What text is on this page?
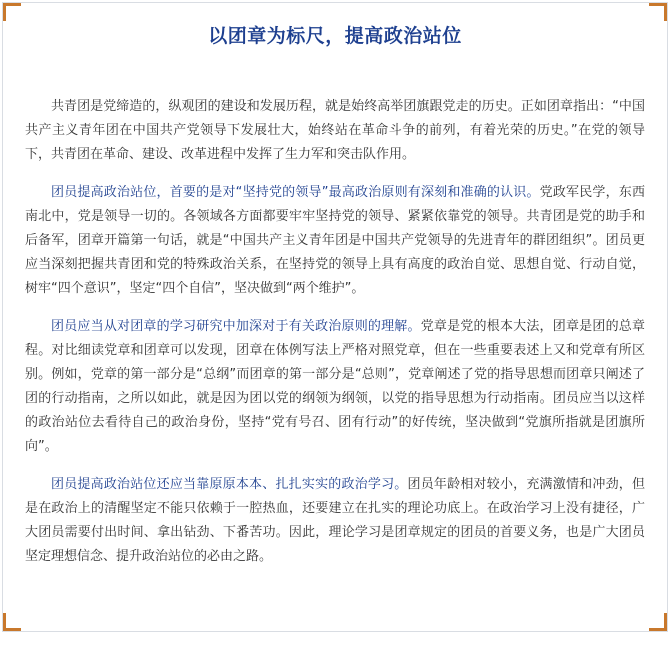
以团章为标尺，提高政治站位

共青团是党缔造的，纵观团的建设和发展历程，就是始终高举团旗跟党走的历史。正如团章指出：“中国共产主义青年团在中国共产党领导下发展壮大，始终站在革命斗争的前列，有着光荣的历史。”在党的领导下，共青团在革命、建设、改革进程中发挥了生力军和突击队作用。

团员提高政治站位，首要的是对“坚持党的领导”最高政治原则有深刻和准确的认识。党政军民学，东西南北中，党是领导一切的。各领域各方面都要牢牢坚持党的领导、紧紧依靠党的领导。共青团是党的助手和后备军，团章开篇第一句话，就是“中国共产主义青年团是中国共产党领导的先进青年的群团组织”。团员更应当深刻把握共青团和党的特殊政治关系，在坚持党的领导上具有高度的政治自觉、思想自觉、行动自觉，树牢“四个意识”，坚定“四个自信”，坚决做到“两个维护”。

团员应当从对团章的学习研究中加深对于有关政治原则的理解。党章是党的根本大法，团章是团的总章程。对比细读党章和团章可以发现，团章在体例写法上严格对照党章，但在一些重要表述上又和党章有所区别。例如，党章的第一部分是“总纲”而团章的第一部分是“总则”，党章阐述了党的指导思想而团章只阐述了团的行动指南，之所以如此，就是因为团以党的纲领为纲领，以党的指导思想为行动指南。团员应当以这样的政治站位去看待自己的政治身份，坚持“党有号召、团有行动”的好传统，坚决做到“党旗所指就是团旗所向”。

团员提高政治站位还应当靠原原本本、扎扎实实的政治学习。团员年龄相对较小，充满激情和冲劲，但是在政治上的清醒坚定不能只依赖于一腔热血，还要建立在扎实的理论功底上。在政治学习上没有捷径，广大团员需要付出时间、拿出钻劲、下番苦功。因此，理论学习是团章规定的团员的首要义务，也是广大团员坚定理想信念、提升政治站位的必由之路。
